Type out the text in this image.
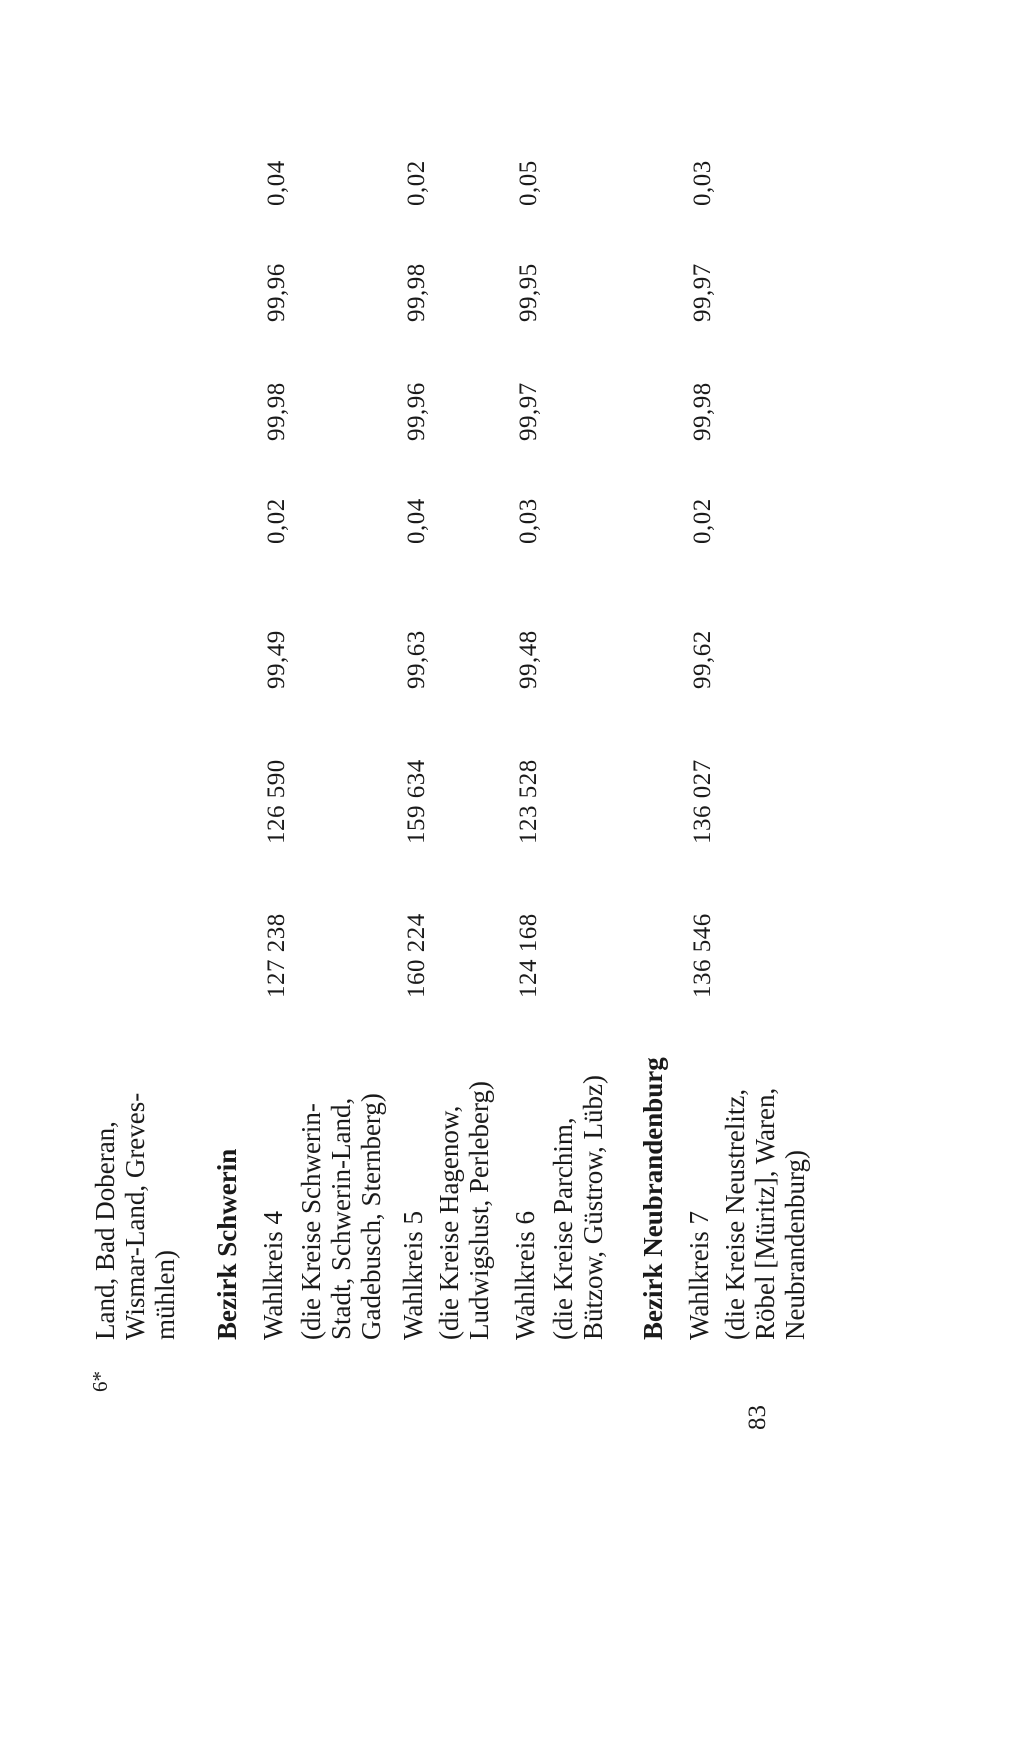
Land, Bad Doberan, Wismar-Land, Greves- mühlen) Bezirk Schwerin Wahlkreis 4 (die Kreise Schwerin- Stadt, Schwerin-Land, Gadebusch, Sternberg)
127 238
126 590
99,49
0,02
99,98
99,96
0,04
Wahlkreis 5 (die Kreise Hagenow, Ludwigslust, Perleberg)
160 224
159 634
99,63
0,04
99,96
99,98
0,02
Wahlkreis 6 (die Kreise Parchim, Bützow, Güstrow, Lübz)
124 168
123 528
99,48
0,03
99,97
99,95
0,05
Bezirk Neubrandenburg Wahlkreis 7 (die Kreise Neustrelitz, Röbel [Müritz], Waren, Neubrandenburg)
136 546
136 027
99,62
0,02
99,98
99,97
0,03
6*
83
